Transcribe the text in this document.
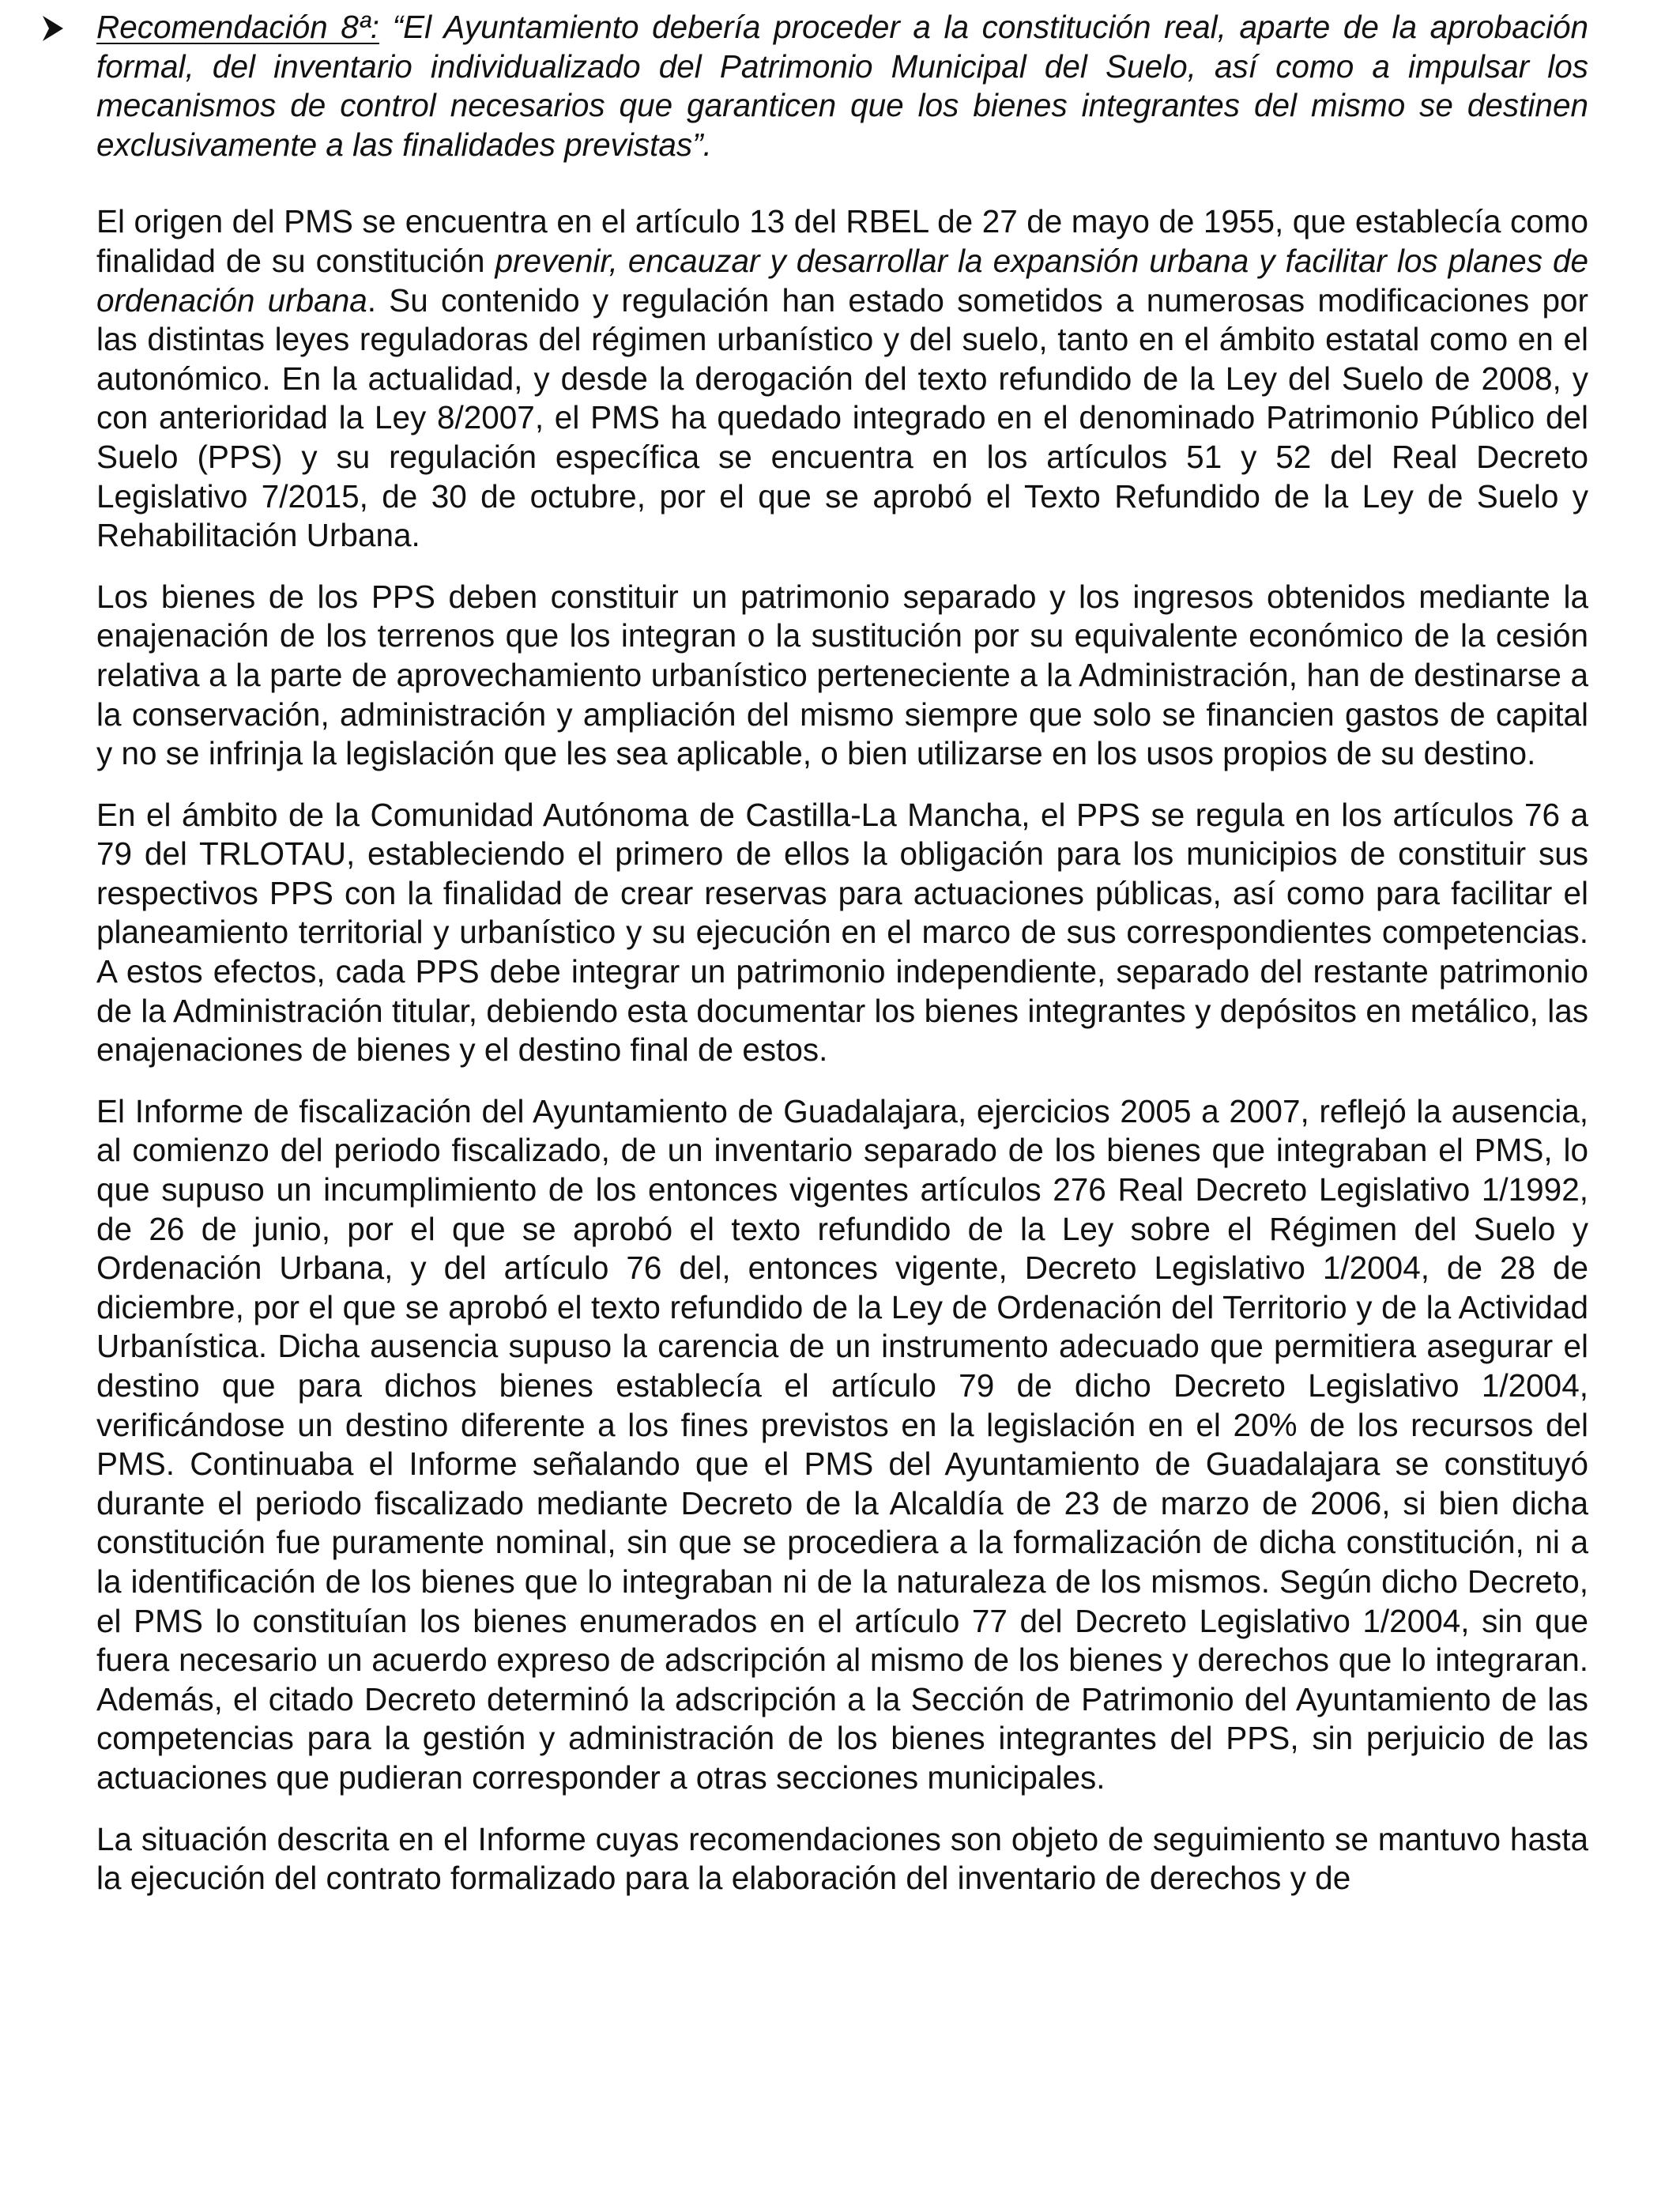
Recomendación 8ª: “El Ayuntamiento debería proceder a la constitución real, aparte de la aprobación formal, del inventario individualizado del Patrimonio Municipal del Suelo, así como a impulsar los mecanismos de control necesarios que garanticen que los bienes integrantes del mismo se destinen exclusivamente a las finalidades previstas”.

El origen del PMS se encuentra en el artículo 13 del RBEL de 27 de mayo de 1955, que establecía como finalidad de su constitución prevenir, encauzar y desarrollar la expansión urbana y facilitar los planes de ordenación urbana. Su contenido y regulación han estado sometidos a numerosas modificaciones por las distintas leyes reguladoras del régimen urbanístico y del suelo, tanto en el ámbito estatal como en el autonómico. En la actualidad, y desde la derogación del texto refundido de la Ley del Suelo de 2008, y con anterioridad la Ley 8/2007, el PMS ha quedado integrado en el denominado Patrimonio Público del Suelo (PPS) y su regulación específica se encuentra en los artículos 51 y 52 del Real Decreto Legislativo 7/2015, de 30 de octubre, por el que se aprobó el Texto Refundido de la Ley de Suelo y Rehabilitación Urbana.

Los bienes de los PPS deben constituir un patrimonio separado y los ingresos obtenidos mediante la enajenación de los terrenos que los integran o la sustitución por su equivalente económico de la cesión relativa a la parte de aprovechamiento urbanístico perteneciente a la Administración, han de destinarse a la conservación, administración y ampliación del mismo siempre que solo se financien gastos de capital y no se infrinja la legislación que les sea aplicable, o bien utilizarse en los usos propios de su destino.

En el ámbito de la Comunidad Autónoma de Castilla-La Mancha, el PPS se regula en los artículos 76 a 79 del TRLOTAU, estableciendo el primero de ellos la obligación para los municipios de constituir sus respectivos PPS con la finalidad de crear reservas para actuaciones públicas, así como para facilitar el planeamiento territorial y urbanístico y su ejecución en el marco de sus correspondientes competencias. A estos efectos, cada PPS debe integrar un patrimonio independiente, separado del restante patrimonio de la Administración titular, debiendo esta documentar los bienes integrantes y depósitos en metálico, las enajenaciones de bienes y el destino final de estos.

El Informe de fiscalización del Ayuntamiento de Guadalajara, ejercicios 2005 a 2007, reflejó la ausencia, al comienzo del periodo fiscalizado, de un inventario separado de los bienes que integraban el PMS, lo que supuso un incumplimiento de los entonces vigentes artículos 276 Real Decreto Legislativo 1/1992, de 26 de junio, por el que se aprobó el texto refundido de la Ley sobre el Régimen del Suelo y Ordenación Urbana, y del artículo 76 del, entonces vigente, Decreto Legislativo 1/2004, de 28 de diciembre, por el que se aprobó el texto refundido de la Ley de Ordenación del Territorio y de la Actividad Urbanística. Dicha ausencia supuso la carencia de un instrumento adecuado que permitiera asegurar el destino que para dichos bienes establecía el artículo 79 de dicho Decreto Legislativo 1/2004, verificándose un destino diferente a los fines previstos en la legislación en el 20% de los recursos del PMS. Continuaba el Informe señalando que el PMS del Ayuntamiento de Guadalajara se constituyó durante el periodo fiscalizado mediante Decreto de la Alcaldía de 23 de marzo de 2006, si bien dicha constitución fue puramente nominal, sin que se procediera a la formalización de dicha constitución, ni a la identificación de los bienes que lo integraban ni de la naturaleza de los mismos. Según dicho Decreto, el PMS lo constituían los bienes enumerados en el artículo 77 del Decreto Legislativo 1/2004, sin que fuera necesario un acuerdo expreso de adscripción al mismo de los bienes y derechos que lo integraran. Además, el citado Decreto determinó la adscripción a la Sección de Patrimonio del Ayuntamiento de las competencias para la gestión y administración de los bienes integrantes del PPS, sin perjuicio de las actuaciones que pudieran corresponder a otras secciones municipales.

La situación descrita en el Informe cuyas recomendaciones son objeto de seguimiento se mantuvo hasta la ejecución del contrato formalizado para la elaboración del inventario de derechos y de
